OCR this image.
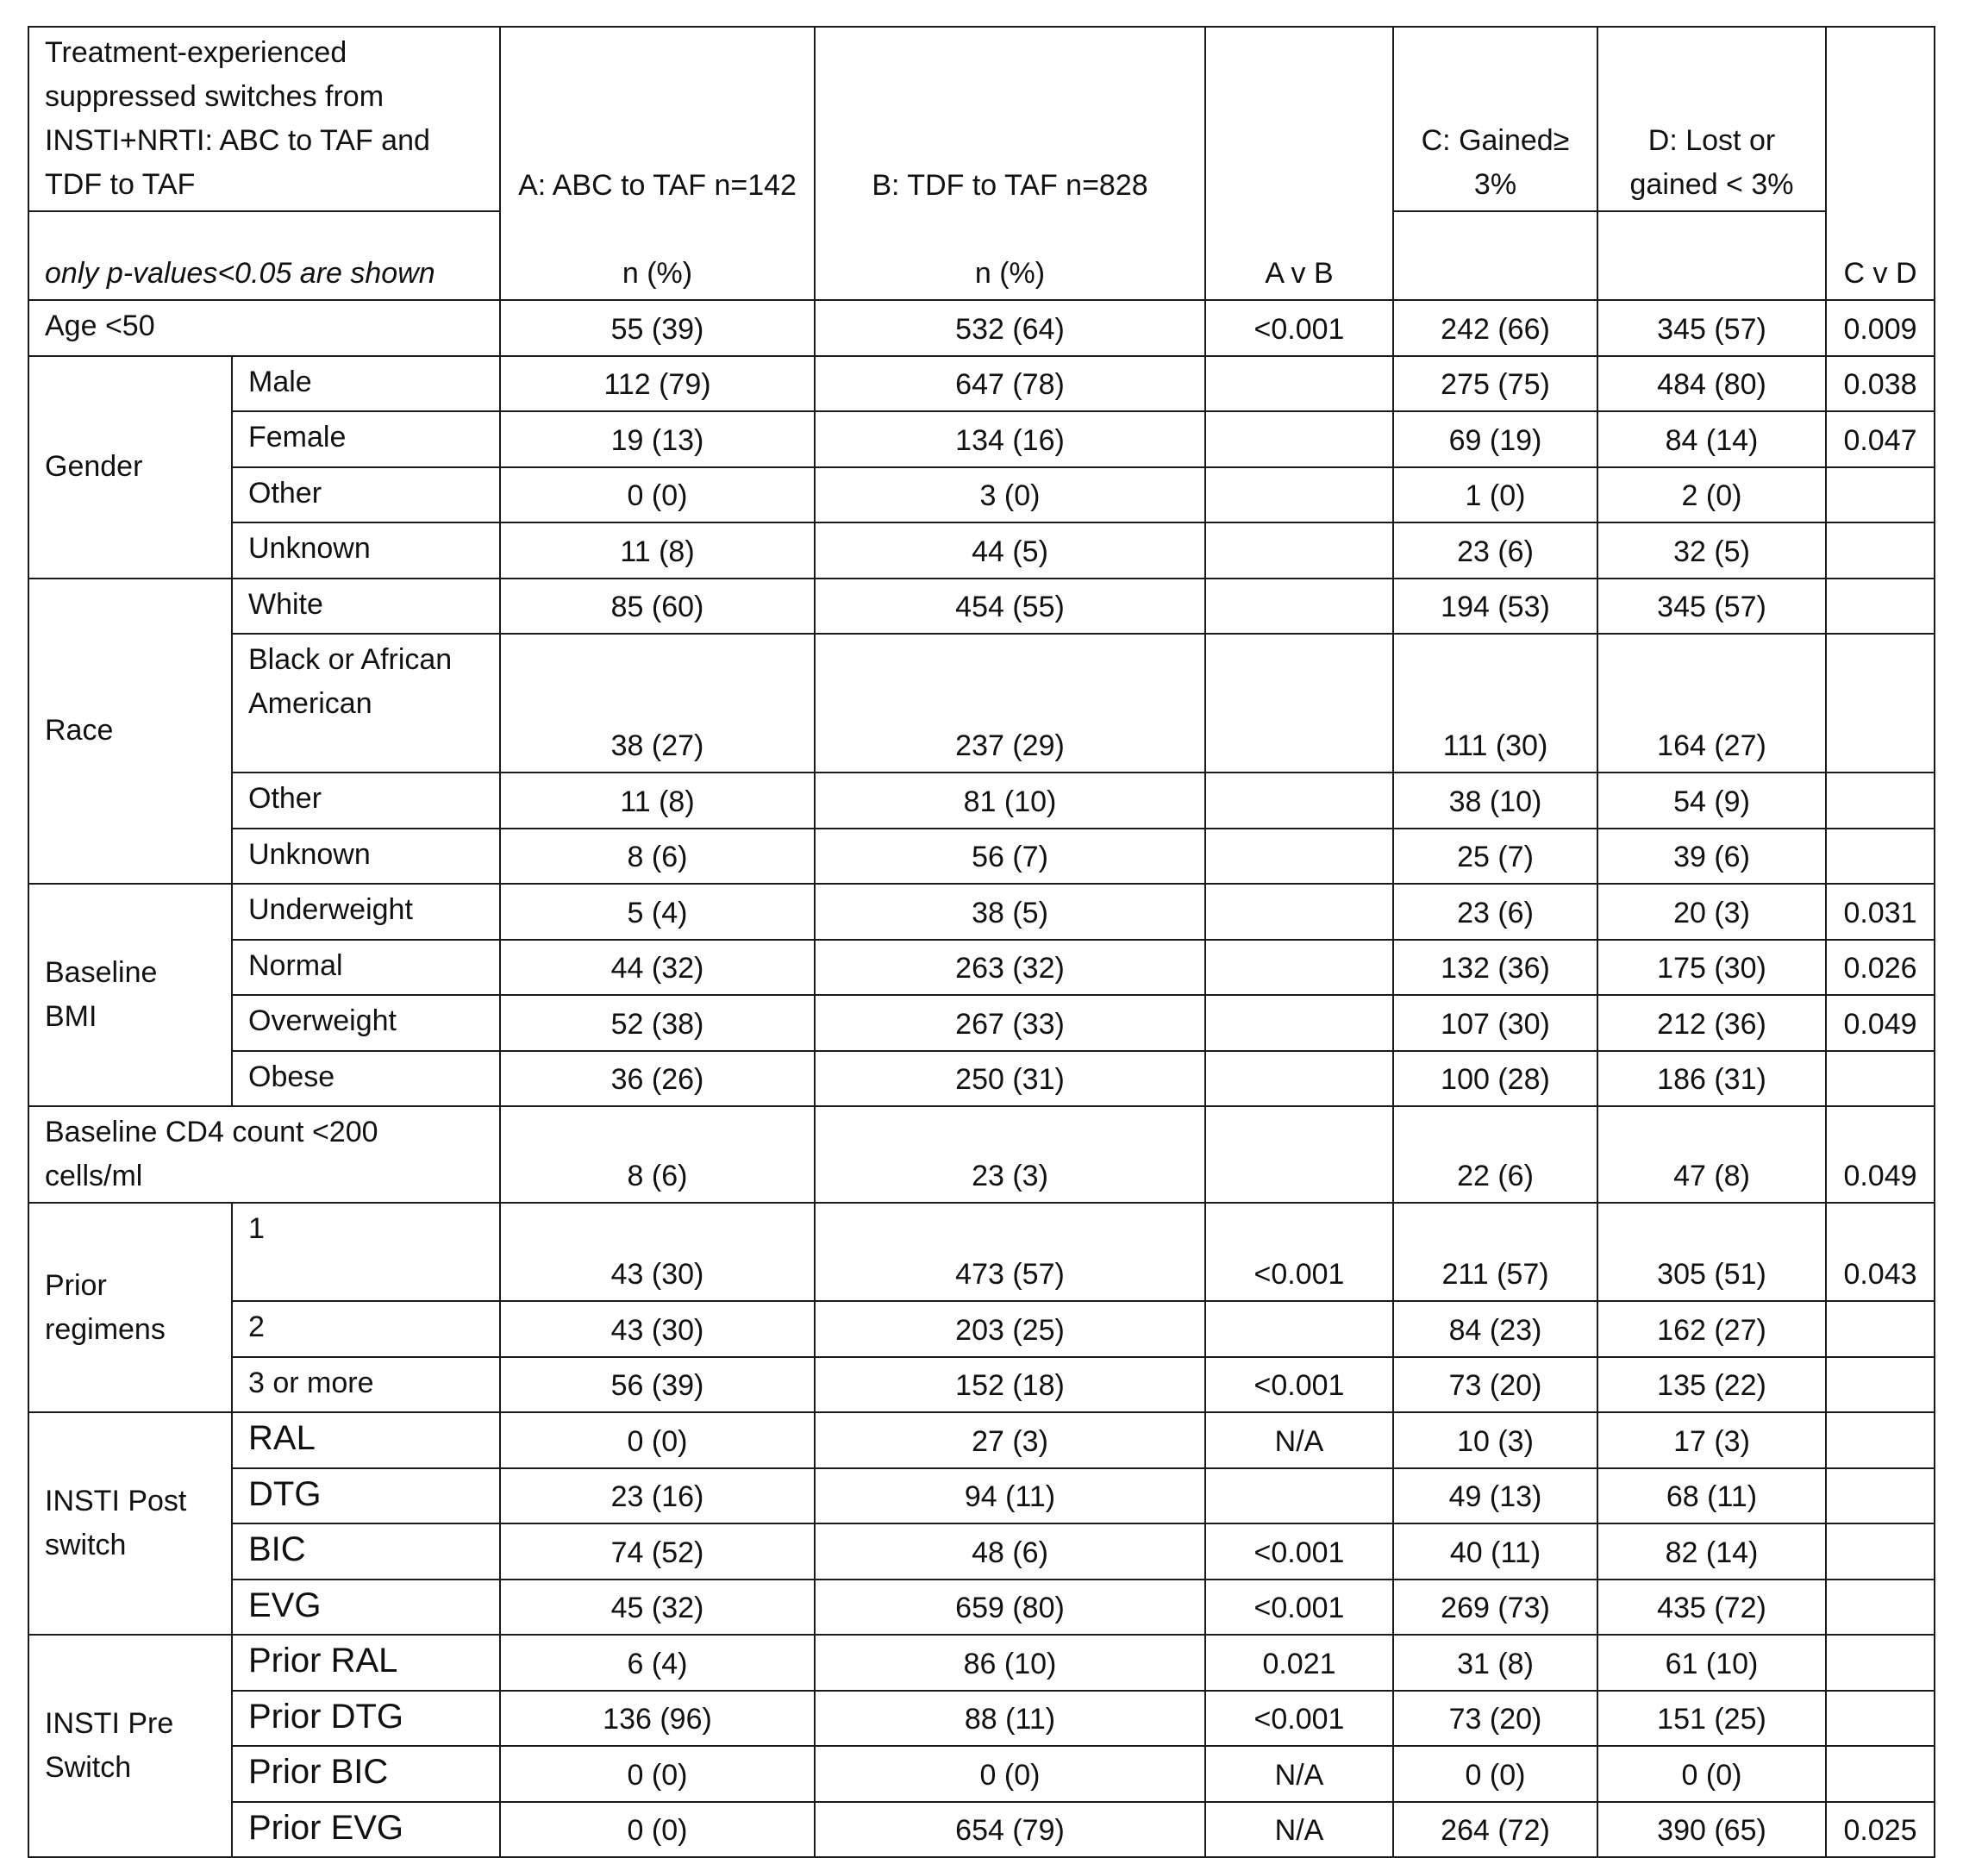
Treatment-experienced suppressed switches from INSTI+NRTI: ABC to TAF and TDF to TAF		A: ABC to TAF n=142	B: TDF to TAF n=828	A v B	C: Gained≥ 3%	D: Lost or gained < 3%	C v D
only p-values<0.05 are shown		n (%)	n (%)				
Age <50		55 (39)	532 (64)	<0.001	242 (66)	345 (57)	0.009
Gender	Male	112 (79)	647 (78)		275 (75)	484 (80)	0.038
	Female	19 (13)	134 (16)		69 (19)	84 (14)	0.047
	Other	0 (0)	3 (0)		1 (0)	2 (0)	
	Unknown	11 (8)	44 (5)		23 (6)	32 (5)	
Race	White	85 (60)	454 (55)		194 (53)	345 (57)	
	Black or African American	38 (27)	237 (29)		111 (30)	164 (27)	
	Other	11 (8)	81 (10)		38 (10)	54 (9)	
	Unknown	8 (6)	56 (7)		25 (7)	39 (6)	
Baseline BMI	Underweight	5 (4)	38 (5)		23 (6)	20 (3)	0.031
	Normal	44 (32)	263 (32)		132 (36)	175 (30)	0.026
	Overweight	52 (38)	267 (33)		107 (30)	212 (36)	0.049
	Obese	36 (26)	250 (31)		100 (28)	186 (31)	
Baseline CD4 count <200 cells/ml		8 (6)	23 (3)		22 (6)	47 (8)	0.049
Prior regimens	1	43 (30)	473 (57)	<0.001	211 (57)	305 (51)	0.043
	2	43 (30)	203 (25)		84 (23)	162 (27)	
	3 or more	56 (39)	152 (18)	<0.001	73 (20)	135 (22)	
INSTI Post switch	RAL	0 (0)	27 (3)	N/A	10 (3)	17 (3)	
	DTG	23 (16)	94 (11)		49 (13)	68 (11)	
	BIC	74 (52)	48 (6)	<0.001	40 (11)	82 (14)	
	EVG	45 (32)	659 (80)	<0.001	269 (73)	435 (72)	
INSTI Pre Switch	Prior RAL	6 (4)	86 (10)	0.021	31 (8)	61 (10)	
	Prior DTG	136 (96)	88 (11)	<0.001	73 (20)	151 (25)	
	Prior BIC	0 (0)	0 (0)	N/A	0 (0)	0 (0)	
	Prior EVG	0 (0)	654 (79)	N/A	264 (72)	390 (65)	0.025
